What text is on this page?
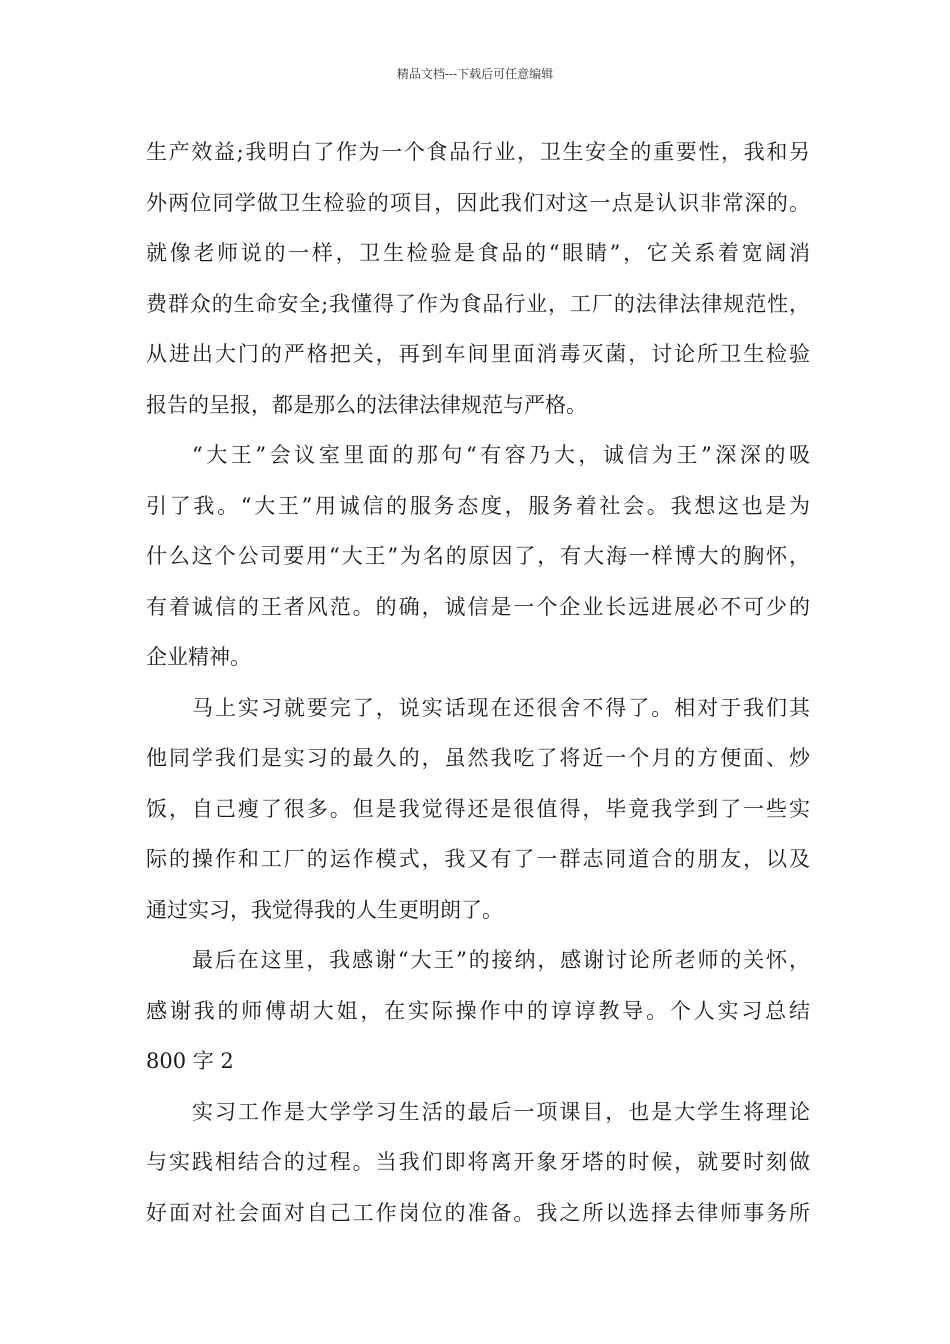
精品文档---下载后可任意编辑
生产效益;我明白了作为一个食品行业，卫生安全的重要性，我和另
外两位同学做卫生检验的项目，因此我们对这一点是认识非常深的。
就像老师说的一样，卫生检验是食品的“眼睛”，它关系着宽阔消
费群众的生命安全;我懂得了作为食品行业，工厂的法律法律规范性，
从进出大门的严格把关，再到车间里面消毒灭菌，讨论所卫生检验
报告的呈报，都是那么的法律法律规范与严格。
“大王”会议室里面的那句“有容乃大，诚信为王”深深的吸
引了我。“大王”用诚信的服务态度，服务着社会。我想这也是为
什么这个公司要用“大王”为名的原因了，有大海一样博大的胸怀，
有着诚信的王者风范。的确，诚信是一个企业长远进展必不可少的
企业精神。
马上实习就要完了，说实话现在还很舍不得了。相对于我们其
他同学我们是实习的最久的，虽然我吃了将近一个月的方便面、炒
饭，自己瘦了很多。但是我觉得还是很值得，毕竟我学到了一些实
际的操作和工厂的运作模式，我又有了一群志同道合的朋友，以及
通过实习，我觉得我的人生更明朗了。
最后在这里，我感谢“大王”的接纳，感谢讨论所老师的关怀，
感谢我的师傅胡大姐，在实际操作中的谆谆教导。个人实习总结
800 字 2
实习工作是大学学习生活的最后一项课目，也是大学生将理论
与实践相结合的过程。当我们即将离开象牙塔的时候，就要时刻做
好面对社会面对自己工作岗位的准备。我之所以选择去律师事务所
